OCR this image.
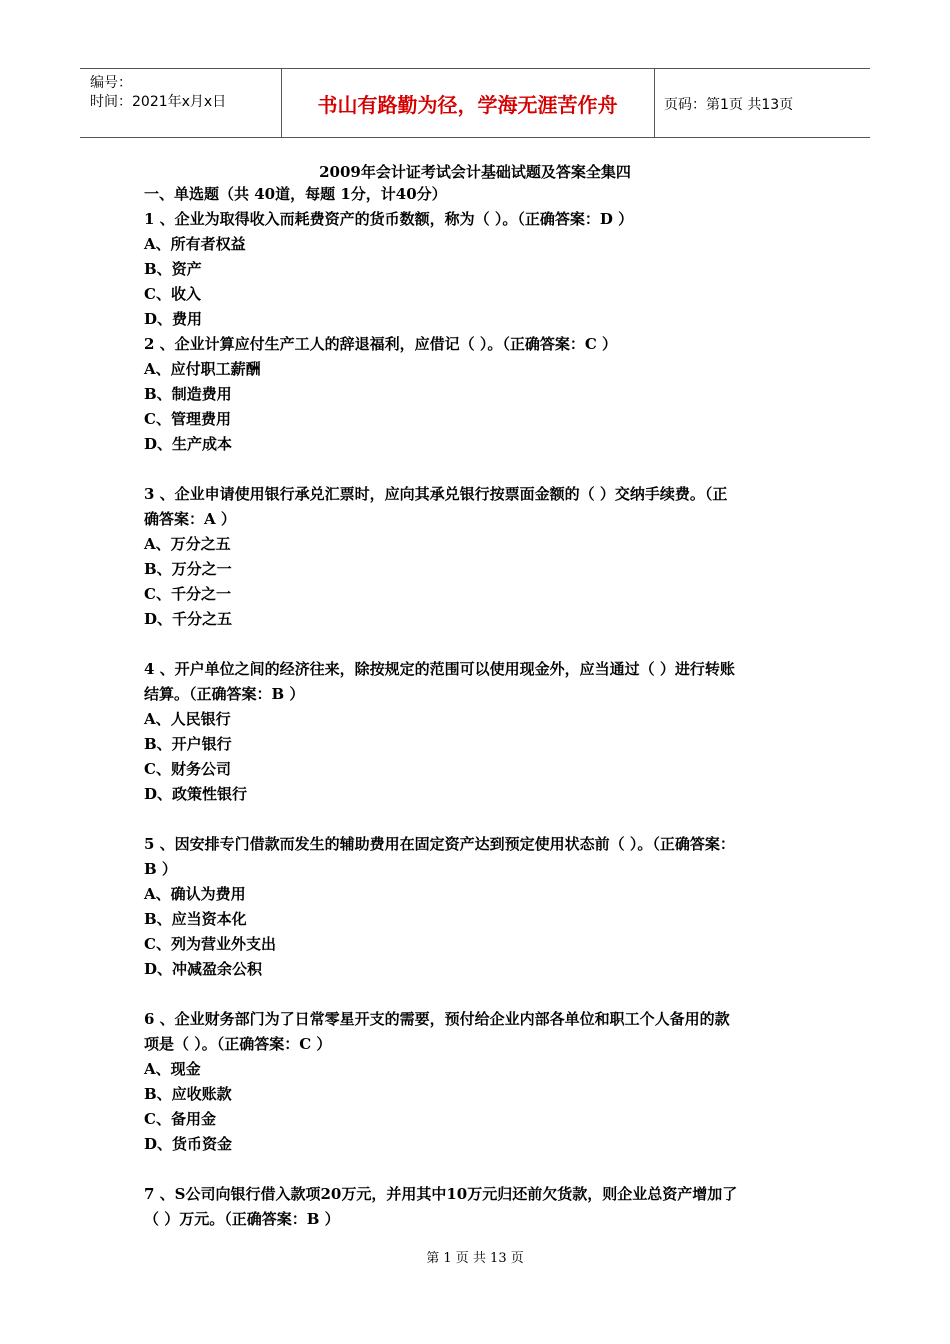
编号：
时间：2021年x月x日	书山有路勤为径，学海无涯苦作舟	页码：第1页 共13页
2009年会计证考试会计基础试题及答案全集四
一、单选题（共 40道，每题 1分，计40分）
1 、企业为取得收入而耗费资产的货币数额，称为（ ）。（正确答案：D ）
A、所有者权益
B、资产
C、收入
D、费用
2 、企业计算应付生产工人的辞退福利，应借记（ ）。（正确答案：C ）
A、应付职工薪酬
B、制造费用
C、管理费用
D、生产成本
3 、企业申请使用银行承兑汇票时，应向其承兑银行按票面金额的（ ）交纳手续费。（正
确答案：A ）
A、万分之五
B、万分之一
C、千分之一
D、千分之五
4 、开户单位之间的经济往来，除按规定的范围可以使用现金外，应当通过（ ）进行转账
结算。（正确答案：B ）
A、人民银行
B、开户银行
C、财务公司
D、政策性银行
5 、因安排专门借款而发生的辅助费用在固定资产达到预定使用状态前（ ）。（正确答案：
B ）
A、确认为费用
B、应当资本化
C、列为营业外支出
D、冲减盈余公积
6 、企业财务部门为了日常零星开支的需要，预付给企业内部各单位和职工个人备用的款
项是（ ）。（正确答案：C ）
A、现金
B、应收账款
C、备用金
D、货币资金
7 、S公司向银行借入款项20万元，并用其中10万元归还前欠货款，则企业总资产增加了
（ ）万元。（正确答案：B ）
第 1 页 共 13 页
